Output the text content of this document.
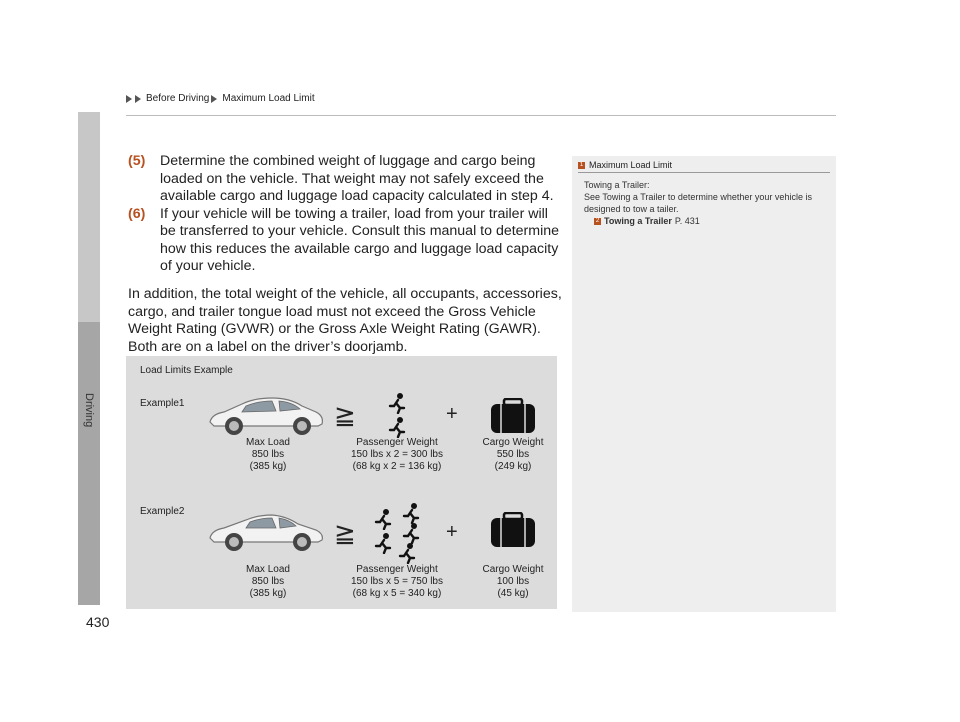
Driving
Before Driving Maximum Load Limit
(5)	Determine the combined weight of luggage and cargo being loaded on the vehicle. That weight may not safely exceed the available cargo and luggage load capacity calculated in step 4.
(6)	If your vehicle will be towing a trailer, load from your trailer will be transferred to your vehicle. Consult this manual to determine how this reduces the available cargo and luggage load capacity of your vehicle.
In addition, the total weight of the vehicle, all occupants, accessories, cargo, and trailer tongue load must not exceed the Gross Vehicle Weight Rating (GVWR) or the Gross Axle Weight Rating (GAWR). Both are on a label on the driver’s doorjamb.
1 Maximum Load Limit
Towing a Trailer:
See Towing a Trailer to determine whether your vehicle is designed to tow a tailer.
2 Towing a Trailer P. 431
Load Limits Example
Example1	≧	+
Max Load
850 lbs
(385 kg)
Passenger Weight
150 lbs x 2 = 300 lbs
(68 kg x 2 = 136 kg)
Cargo Weight
550 lbs
(249 kg)
Example2
≧	+
Max Load
850 lbs
(385 kg)
Passenger Weight
150 lbs x 5 = 750 lbs
(68 kg x 5 = 340 kg)
Cargo Weight
100 lbs
(45 kg)
430
